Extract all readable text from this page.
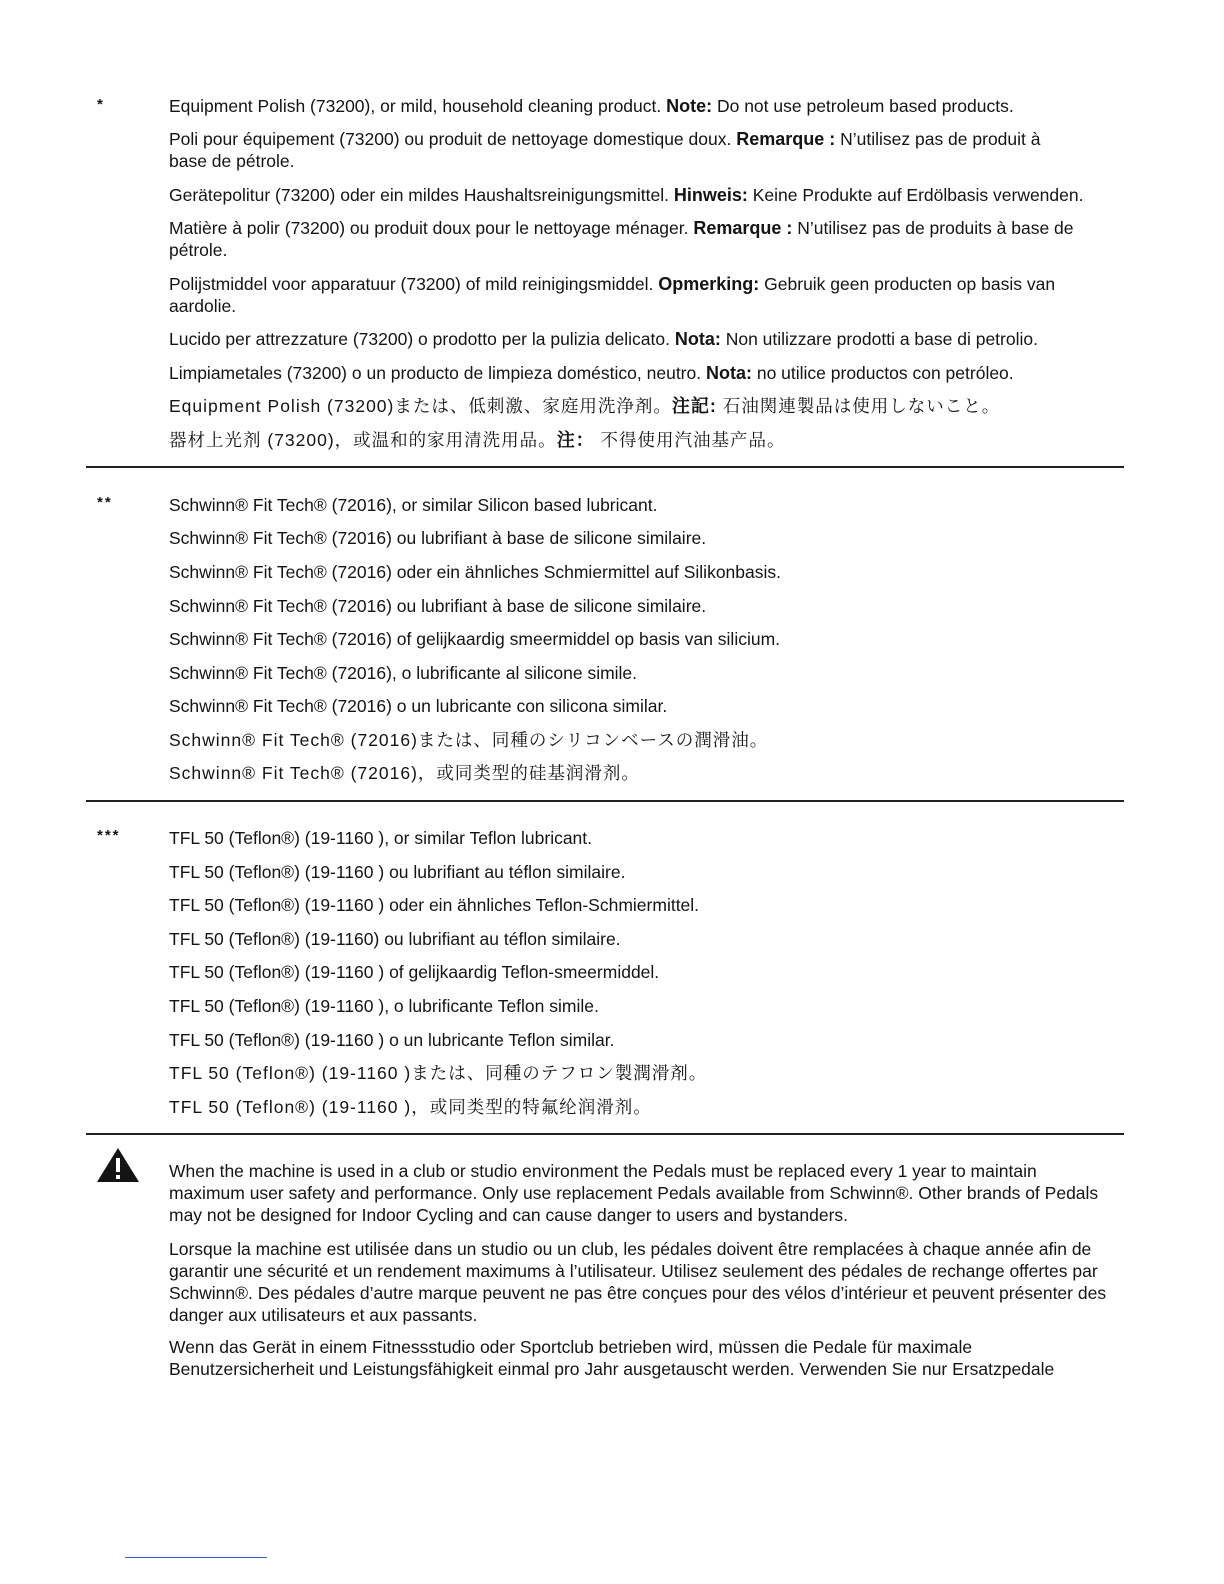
*	Equipment Polish (73200), or mild, household cleaning product. Note: Do not use petroleum based products.
Poli pour équipement (73200) ou produit de nettoyage domestique doux. Remarque : N’utilisez pas de produit à base de pétrole.
Gerätepolitur (73200) oder ein mildes Haushaltsreinigungsmittel. Hinweis: Keine Produkte auf Erdölbasis verwenden.
Matière à polir (73200) ou produit doux pour le nettoyage ménager. Remarque : N’utilisez pas de produits à base de pétrole.
Polijstmiddel voor apparatuur (73200) of mild reinigingsmiddel. Opmerking: Gebruik geen producten op basis van aardolie.
Lucido per attrezzature (73200) o prodotto per la pulizia delicato. Nota: Non utilizzare prodotti a base di petrolio.
Limpiametales (73200) o un producto de limpieza doméstico, neutro. Nota: no utilice productos con petróleo.
Equipment Polish (73200)または、低刺激、家庭用洗浄剤。注記: 石油関連製品は使用しないこと。
器材上光剂 (73200)，或温和的家用清洗用品。注： 不得使用汽油基产品。
**	Schwinn® Fit Tech® (72016), or similar Silicon based lubricant.
Schwinn® Fit Tech® (72016) ou lubrifiant à base de silicone similaire.
Schwinn® Fit Tech® (72016) oder ein ähnliches Schmiermittel auf Silikonbasis.
Schwinn® Fit Tech® (72016) ou lubrifiant à base de silicone similaire.
Schwinn® Fit Tech® (72016) of gelijkaardig smeermiddel op basis van silicium.
Schwinn® Fit Tech® (72016), o lubrificante al silicone simile.
Schwinn® Fit Tech® (72016) o un lubricante con silicona similar.
Schwinn® Fit Tech® (72016)または、同種のシリコンベースの潤滑油。
Schwinn® Fit Tech® (72016)，或同类型的硅基润滑剂。
***	TFL 50 (Teflon®) (19-1160 ), or similar Teflon lubricant.
TFL 50 (Teflon®) (19-1160 ) ou lubrifiant au téflon similaire.
TFL 50 (Teflon®) (19-1160 ) oder ein ähnliches Teflon-Schmiermittel.
TFL 50 (Teflon®) (19-1160) ou lubrifiant au téflon similaire.
TFL 50 (Teflon®) (19-1160 ) of gelijkaardig Teflon-smeermiddel.
TFL 50 (Teflon®) (19-1160 ), o lubrificante Teflon simile.
TFL 50 (Teflon®) (19-1160 ) o un lubricante Teflon similar.
TFL 50 (Teflon®) (19-1160 )または、同種のテフロン製潤滑剤。
TFL 50 (Teflon®) (19-1160 )，或同类型的特氟纶润滑剂。
When the machine is used in a club or studio environment the Pedals must be replaced every 1 year to maintain maximum user safety and performance. Only use replacement Pedals available from Schwinn®. Other brands of Pedals may not be designed for Indoor Cycling and can cause danger to users and bystanders.
Lorsque la machine est utilisée dans un studio ou un club, les pédales doivent être remplacées à chaque année afin de garantir une sécurité et un rendement maximums à l’utilisateur. Utilisez seulement des pédales de rechange offertes par Schwinn®. Des pédales d’autre marque peuvent ne pas être conçues pour des vélos d’intérieur et peuvent présenter des danger aux utilisateurs et aux passants.
Wenn das Gerät in einem Fitnessstudio oder Sportclub betrieben wird, müssen die Pedale für maximale Benutzersicherheit und Leistungsfähigkeit einmal pro Jahr ausgetauscht werden. Verwenden Sie nur Ersatzpedale
